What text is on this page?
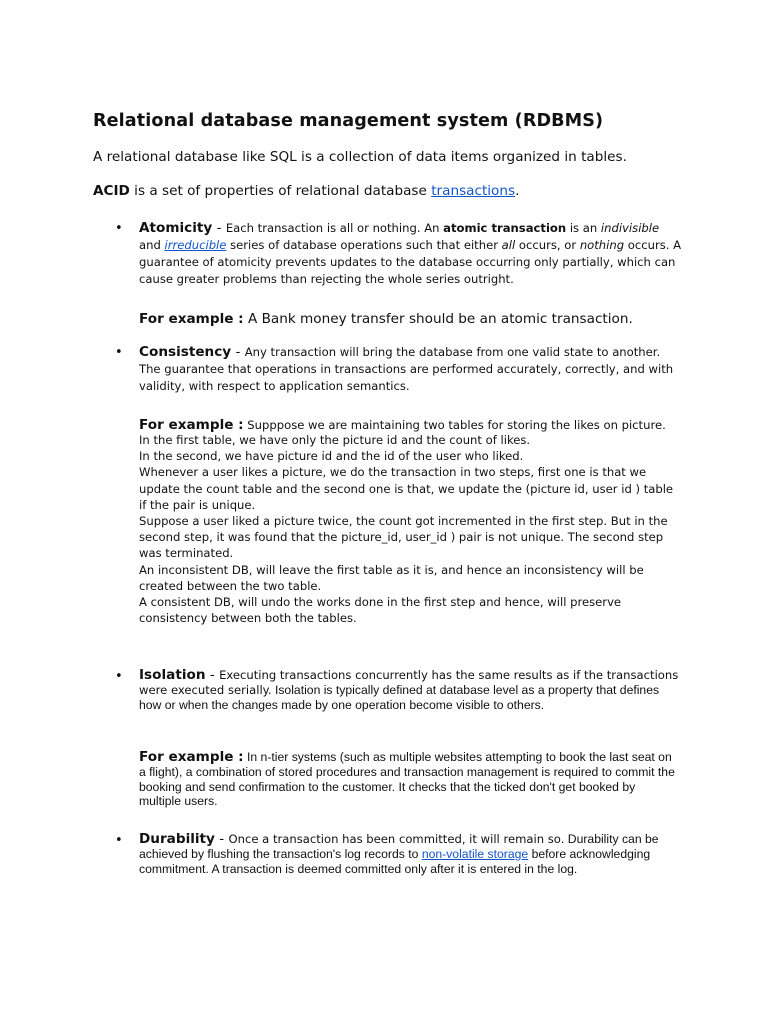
Relational database management system (RDBMS)

A relational database like SQL is a collection of data items organized in tables.

ACID is a set of properties of relational database transactions.

• Atomicity - Each transaction is all or nothing. An atomic transaction is an indivisible and irreducible series of database operations such that either all occurs, or nothing occurs. A guarantee of atomicity prevents updates to the database occurring only partially, which can cause greater problems than rejecting the whole series outright.

For example : A Bank money transfer should be an atomic transaction.

• Consistency - Any transaction will bring the database from one valid state to another. The guarantee that operations in transactions are performed accurately, correctly, and with validity, with respect to application semantics.

For example : Supppose we are maintaining two tables for storing the likes on picture.

In the first table, we have only the picture id and the count of likes.
In the second, we have picture id and the id of the user who liked.
Whenever a user likes a picture, we do the transaction in two steps, first one is that we update the count table and the second one is that, we update the (picture id, user id ) table if the pair is unique.
Suppose a user liked a picture twice, the count got incremented in the first step. But in the second step, it was found that the picture_id, user_id ) pair is not unique. The second step was terminated.
An inconsistent DB, will leave the first table as it is, and hence an inconsistency will be created between the two table.
A consistent DB, will undo the works done in the first step and hence, will preserve consistency between both the tables.
• Isolation - Executing transactions concurrently has the same results as if the transactions were executed serially. Isolation is typically defined at database level as a property that defines how or when the changes made by one operation become visible to others.
For example : In n-tier systems (such as multiple websites attempting to book the last seat on a flight), a combination of stored procedures and transaction management is required to commit the booking and send confirmation to the customer. It checks that the ticked don't get booked by multiple users.
• Durability - Once a transaction has been committed, it will remain so. Durability can be achieved by flushing the transaction's log records to non-volatile storage before acknowledging commitment. A transaction is deemed committed only after it is entered in the log.
